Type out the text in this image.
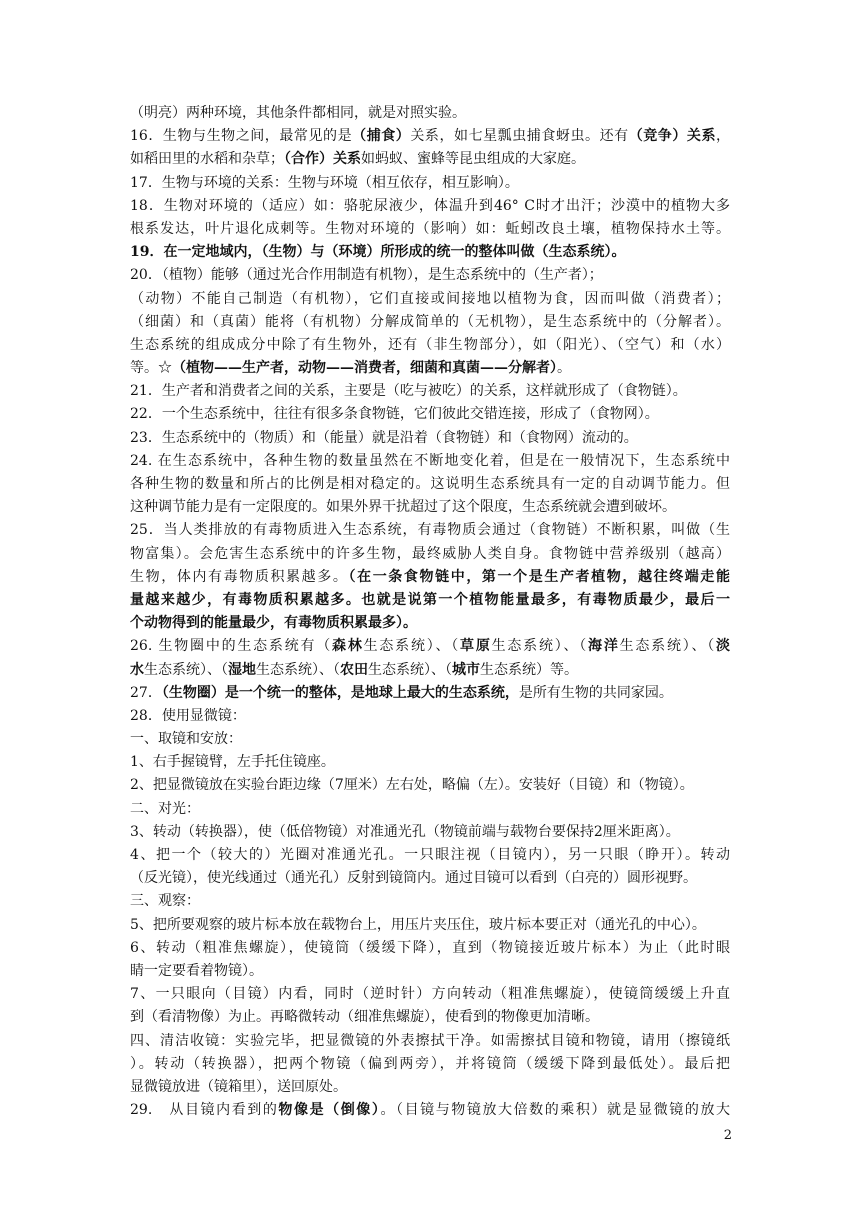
（明亮）两种环境，其他条件都相同，就是对照实验。
16．生物与生物之间，最常见的是（捕食）关系，如七星瓢虫捕食蚜虫。还有（竞争）关系，
如稻田里的水稻和杂草；（合作）关系如蚂蚁、蜜蜂等昆虫组成的大家庭。
17．生物与环境的关系：生物与环境（相互依存，相互影响）。
18．生物对环境的（适应）如：骆驼尿液少，体温升到46° C时才出汗；沙漠中的植物大多
根系发达，叶片退化成刺等。生物对环境的（影响）如：蚯蚓改良土壤，植物保持水土等。
19．在一定地域内，（生物）与（环境）所形成的统一的整体叫做（生态系统）。
20．（植物）能够（通过光合作用制造有机物），是生态系统中的（生产者）；
（动物）不能自己制造（有机物），它们直接或间接地以植物为食，因而叫做（消费者）；
（细菌）和（真菌）能将（有机物）分解成简单的（无机物），是生态系统中的（分解者）。
生态系统的组成成分中除了有生物外，还有（非生物部分），如（阳光）、（空气）和（水）
等。☆（植物——生产者，动物——消费者，细菌和真菌——分解者）。
21．生产者和消费者之间的关系，主要是（吃与被吃）的关系，这样就形成了（食物链）。
22．一个生态系统中，往往有很多条食物链，它们彼此交错连接，形成了（食物网）。
23．生态系统中的（物质）和（能量）就是沿着（食物链）和（食物网）流动的。
24. 在生态系统中，各种生物的数量虽然在不断地变化着，但是在一般情况下，生态系统中
各种生物的数量和所占的比例是相对稳定的。这说明生态系统具有一定的自动调节能力。但
这种调节能力是有一定限度的。如果外界干扰超过了这个限度，生态系统就会遭到破坏。
25．当人类排放的有毒物质进入生态系统，有毒物质会通过（食物链）不断积累，叫做（生
物富集）。会危害生态系统中的许多生物，最终威胁人类自身。食物链中营养级别（越高）
生物，体内有毒物质积累越多。（在一条食物链中，第一个是生产者植物，越往终端走能
量越来越少，有毒物质积累越多。也就是说第一个植物能量最多，有毒物质最少，最后一
个动物得到的能量最少，有毒物质积累最多）。
26. 生物圈中的生态系统有（森林生态系统）、（草原生态系统）、（海洋生态系统）、（淡
水生态系统）、（湿地生态系统）、（农田生态系统）、（城市生态系统）等。
27．（生物圈）是一个统一的整体，是地球上最大的生态系统，是所有生物的共同家园。
28．使用显微镜：
一、取镜和安放：
1、右手握镜臂，左手托住镜座。
2、把显微镜放在实验台距边缘（7厘米）左右处，略偏（左）。安装好（目镜）和（物镜）。
二、对光：
3、转动（转换器），使（低倍物镜）对准通光孔（物镜前端与载物台要保持2厘米距离）。
4、把一个（较大的）光圈对准通光孔。一只眼注视（目镜内），另一只眼（睁开）。转动
（反光镜），使光线通过（通光孔）反射到镜筒内。通过目镜可以看到（白亮的）圆形视野。
三、观察：
5、把所要观察的玻片标本放在载物台上，用压片夹压住，玻片标本要正对（通光孔的中心）。
6、转动（粗准焦螺旋），使镜筒（缓缓下降），直到（物镜接近玻片标本）为止（此时眼
睛一定要看着物镜）。
7、一只眼向（目镜）内看，同时（逆时针）方向转动（粗准焦螺旋），使镜筒缓缓上升直
到（看清物像）为止。再略微转动（细准焦螺旋），使看到的物像更加清晰。
四、清洁收镜：实验完毕，把显微镜的外表擦拭干净。如需擦拭目镜和物镜，请用（擦镜纸
）。转动（转换器），把两个物镜（偏到两旁），并将镜筒（缓缓下降到最低处）。最后把
显微镜放进（镜箱里），送回原处。
29.　从目镜内看到的物像是（倒像）。（目镜与物镜放大倍数的乘积）就是显微镜的放大
2
